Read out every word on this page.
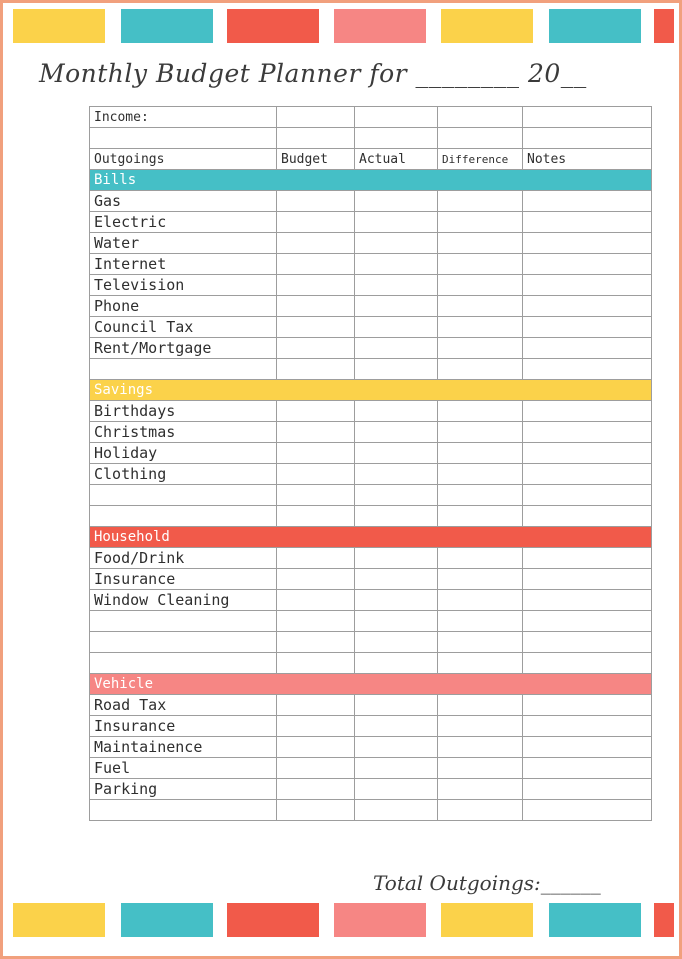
Monthly Budget Planner for ________ 20__
Income:				

Outgoings	Budget	Actual	Difference	Notes
Bills				
Gas				
Electric				
Water				
Internet				
Television				
Phone				
Council Tax				
Rent/Mortgage				

Savings				
Birthdays				
Christmas				
Holiday				
Clothing				

Household				
Food/Drink				
Insurance				
Window Cleaning				

Vehicle				
Road Tax				
Insurance				
Maintainence				
Fuel				
Parking				

Total Outgoings:______
